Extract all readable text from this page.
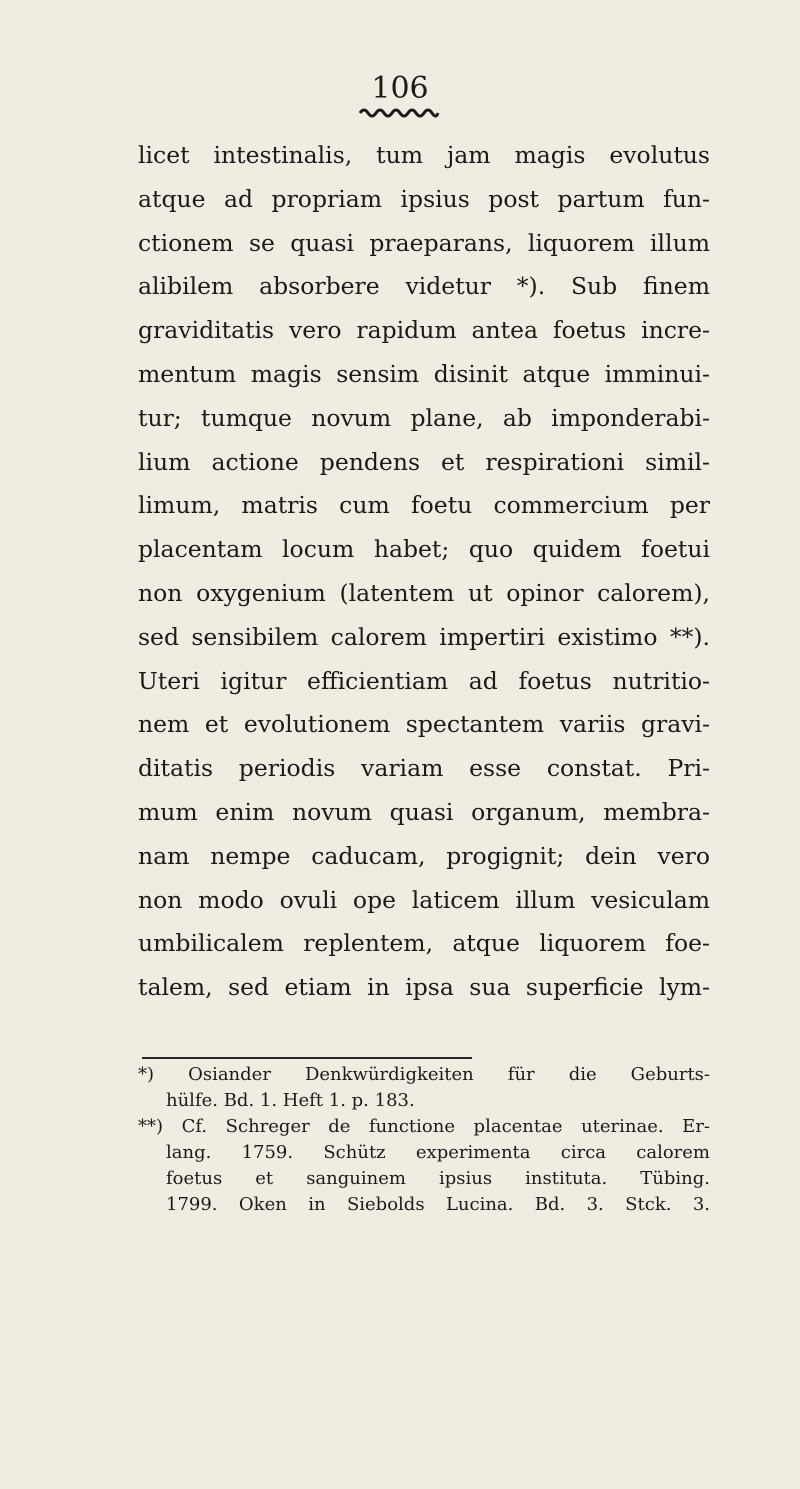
106
licet intestinalis, tum jam magis evolutus
atque ad propriam ipsius post partum fun-
ctionem se quasi praeparans, liquorem illum
alibilem absorbere videtur *). Sub finem
graviditatis vero rapidum antea foetus incre-
mentum magis sensim disinit atque imminui-
tur; tumque novum plane, ab imponderabi-
lium actione pendens et respirationi simil-
limum, matris cum foetu commercium per
placentam locum habet; quo quidem foetui
non oxygenium (latentem ut opinor calorem),
sed sensibilem calorem impertiri existimo **).
Uteri igitur efficientiam ad foetus nutritio-
nem et evolutionem spectantem variis gravi-
ditatis periodis variam esse constat. Pri-
mum enim novum quasi organum, membra-
nam nempe caducam, progignit; dein vero
non modo ovuli ope laticem illum vesiculam
umbilicalem replentem, atque liquorem foe-
talem, sed etiam in ipsa sua superficie lym-
*) Osiander Denkwürdigkeiten für die Geburts-
hülfe. Bd. 1. Heft 1. p. 183.
**) Cf. Schreger de functione placentae uterinae. Er-
lang. 1759. Schütz experimenta circa calorem
foetus et sanguinem ipsius instituta. Tübing.
1799. Oken in Siebolds Lucina. Bd. 3. Stck. 3.
